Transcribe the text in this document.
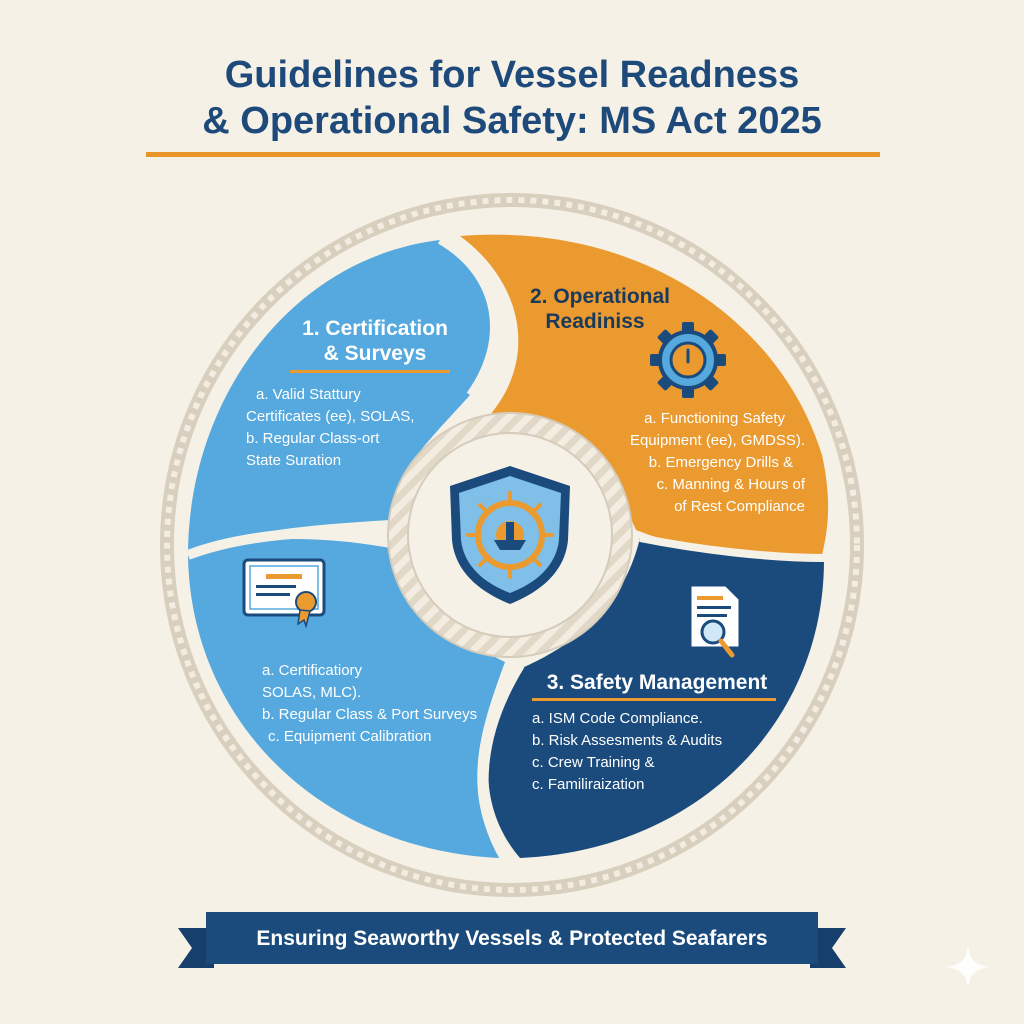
Guidelines for Vessel Readness
& Operational Safety: MS Act 2025
1. Certification
& Surveys
a. Valid Stattury
Certificates (ee), SOLAS,
b. Regular Class-ort
State Suration
a. Certificatiory
SOLAS, MLC).
b. Regular Class & Port Surveys
c. Equipment Calibration
2. Operational
Readiniss
a. Functioning Safety
Equipment (ee), GMDSS).
b. Emergency Drills &
c. Manning & Hours of
of Rest Compliance
3. Safety Management
a. ISM Code Compliance.
b. Risk Assesments & Audits
c. Crew Training &
c. Familiraization
Ensuring Seaworthy Vessels & Protected Seafarers
